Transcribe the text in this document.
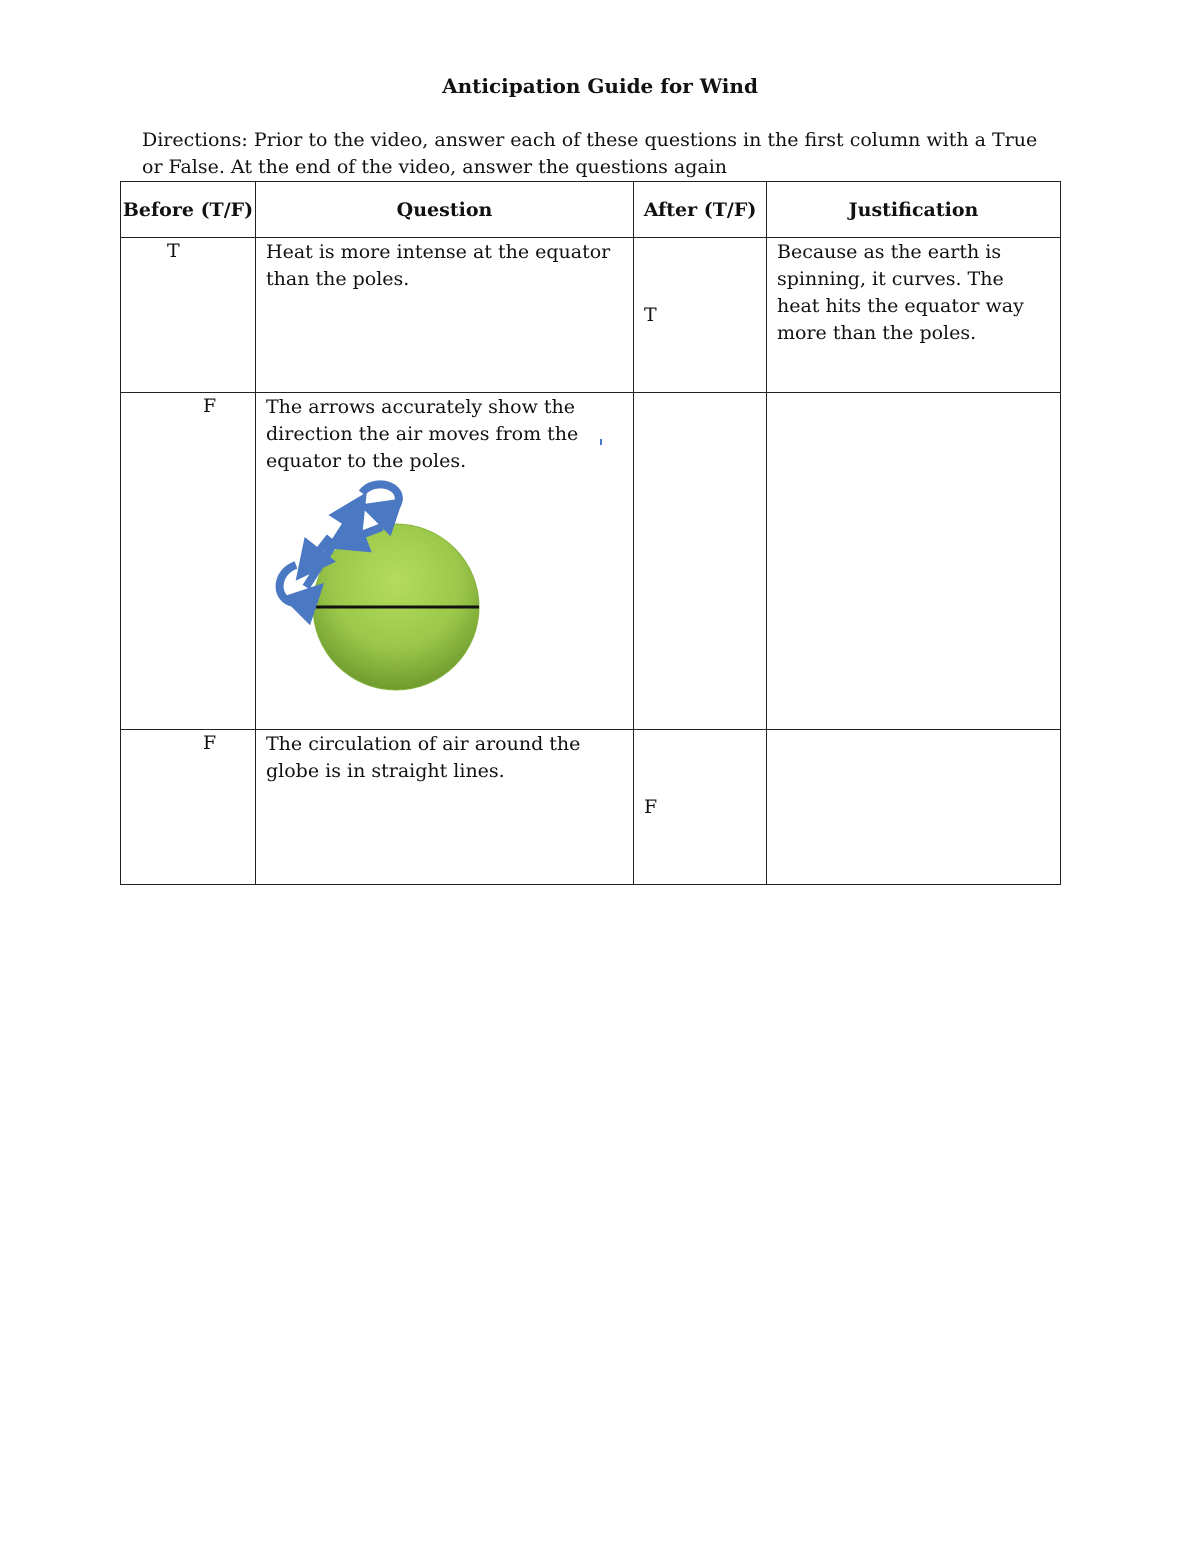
Anticipation Guide for Wind
Directions: Prior to the video, answer each of these questions in the first column with a True or False. At the end of the video, answer the questions again
Before (T/F)	Question	After (T/F)	Justification

T	Heat is more intense at the equator than the poles.	T	Because as the earth is spinning, it curves. The heat hits the equator way more than the poles.

F	The arrows accurately show the direction the air moves from the equator to the poles.		

F	The circulation of air around the globe is in straight lines.	F	
